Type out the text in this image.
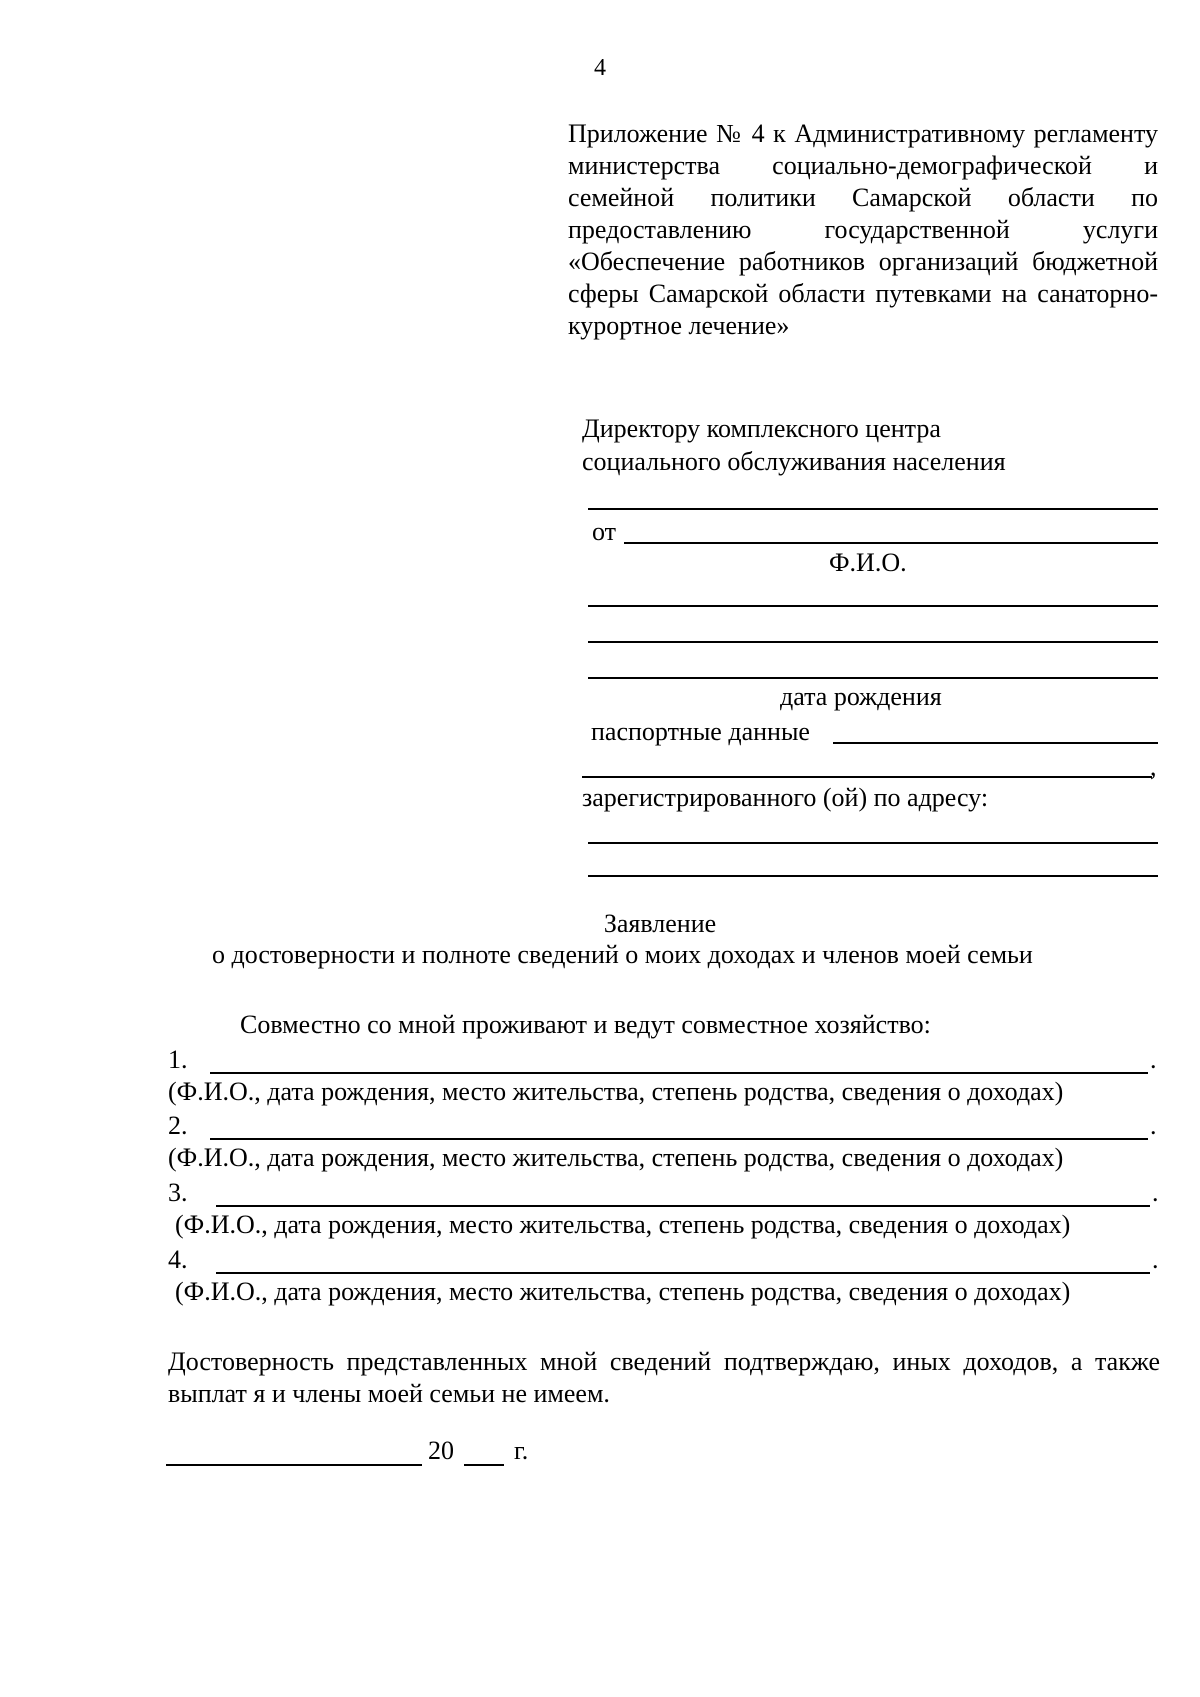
4
Приложение № 4 к Административному регламенту министерства социально-демографической и семейной политики Самарской области по предоставлению государственной услуги «Обеспечение работников организаций бюджетной сферы Самарской области путевками на санаторно-курортное лечение»
Директору комплексного центра
социального обслуживания населения
от
Ф.И.О.
дата рождения
паспортные данные
,
зарегистрированного (ой) по адресу:
Заявление
о достоверности и полноте сведений о моих доходах и членов моей семьи
Совместно со мной проживают и ведут совместное хозяйство:
1.	.
(Ф.И.О., дата рождения, место жительства, степень родства, сведения о доходах)
2.	.
(Ф.И.О., дата рождения, место жительства, степень родства, сведения о доходах)
3.	.
(Ф.И.О., дата рождения, место жительства, степень родства, сведения о доходах)
4.	.
(Ф.И.О., дата рождения, место жительства, степень родства, сведения о доходах)
Достоверность представленных мной сведений подтверждаю, иных доходов, а также выплат я и члены моей семьи не имеем.
20 г.
